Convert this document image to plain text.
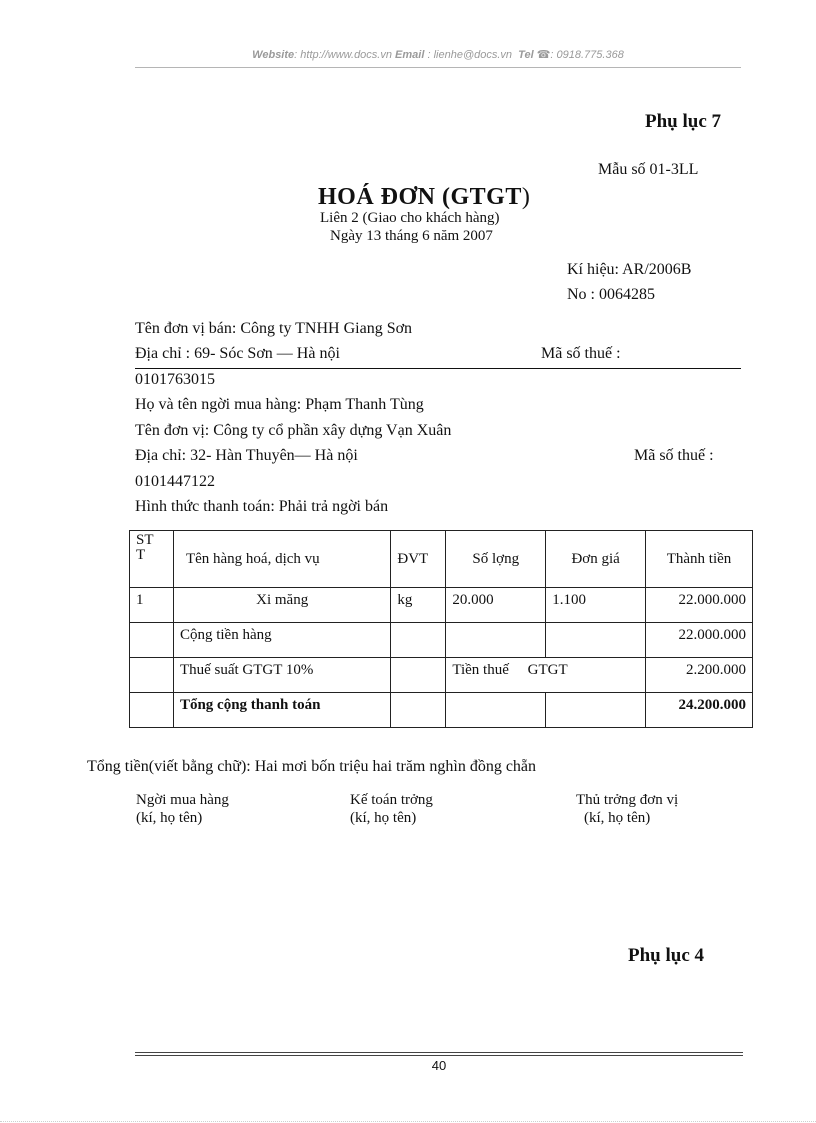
Website: http://www.docs.vn Email : lienhe@docs.vn Tel ☎: 0918.775.368
Phụ lục 7
Mẫu số 01-3LL
HOÁ ĐƠN (GTGT)
Liên 2 (Giao cho khách hàng)
Ngày 13 tháng 6 năm 2007
Kí hiệu: AR/2006B
No : 0064285
Tên đơn vị bán: Công ty TNHH Giang Sơn
Địa chỉ : 69- Sóc Sơn — Hà nội	Mã số thuế :
0101763015
Họ và tên ngời mua hàng: Phạm Thanh Tùng
Tên đơn vị: Công ty cổ phần xây dựng Vạn Xuân
Địa chỉ: 32- Hàn Thuyên— Hà nội	Mã số thuế :
0101447122
Hình thức thanh toán: Phải trả ngời bán
ST
T	Tên hàng hoá, dịch vụ	ĐVT	Số lợng	Đơn giá	Thành tiền
1	Xi măng	kg	20.000	1.100	22.000.000
	Cộng tiền hàng				22.000.000
	Thuế suất GTGT 10%		Tiền thuế     GTGT		2.200.000
	Tổng cộng thanh toán				24.200.000
Tổng tiền(viết bằng chữ): Hai mơi bốn triệu hai trăm nghìn đồng chẵn
Ngời mua hàng
(kí, họ tên)
Kế toán trởng
(kí, họ tên)
Thủ trởng đơn vị
(kí, họ tên)
Phụ lục 4
40
